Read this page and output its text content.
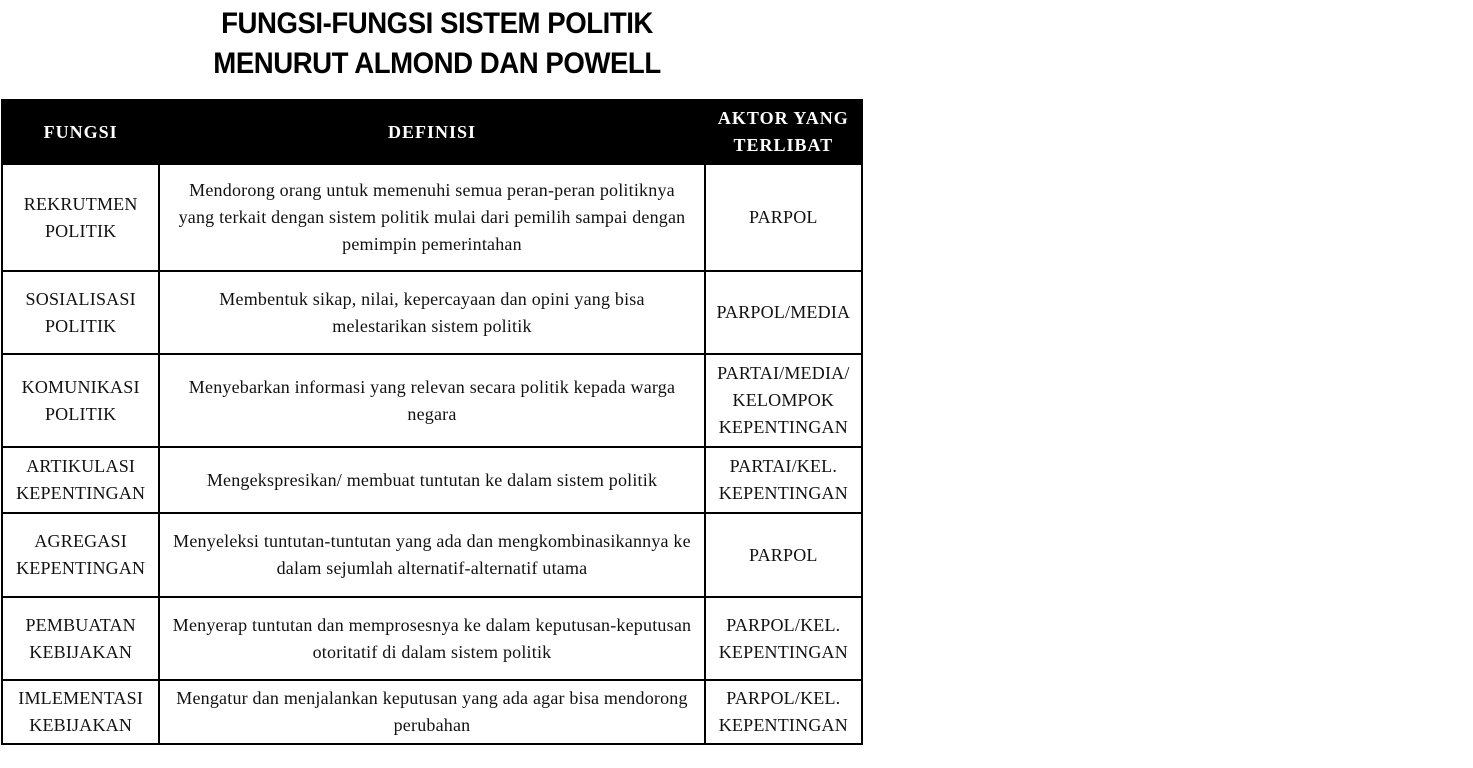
FUNGSI-FUNGSI SISTEM POLITIK
MENURUT ALMOND DAN POWELL
FUNGSI	DEFINISI	AKTOR YANG TERLIBAT
REKRUTMEN POLITIK	Mendorong orang untuk memenuhi semua peran-peran politiknya yang terkait dengan sistem politik mulai dari pemilih sampai dengan pemimpin pemerintahan	PARPOL
SOSIALISASI POLITIK	Membentuk sikap, nilai, kepercayaan dan opini yang bisa melestarikan sistem politik	PARPOL/MEDIA
KOMUNIKASI POLITIK	Menyebarkan informasi yang relevan secara politik kepada warga negara	PARTAI/MEDIA/ KELOMPOK KEPENTINGAN
ARTIKULASI KEPENTINGAN	Mengekspresikan/ membuat tuntutan ke dalam sistem politik	PARTAI/KEL. KEPENTINGAN
AGREGASI KEPENTINGAN	Menyeleksi tuntutan-tuntutan yang ada dan mengkombinasikannya ke dalam sejumlah alternatif-alternatif utama	PARPOL
PEMBUATAN KEBIJAKAN	Menyerap tuntutan dan memprosesnya ke dalam keputusan-keputusan otoritatif di dalam sistem politik	PARPOL/KEL. KEPENTINGAN
IMLEMENTASI KEBIJAKAN	Mengatur dan menjalankan keputusan yang ada agar bisa mendorong perubahan	PARPOL/KEL. KEPENTINGAN
